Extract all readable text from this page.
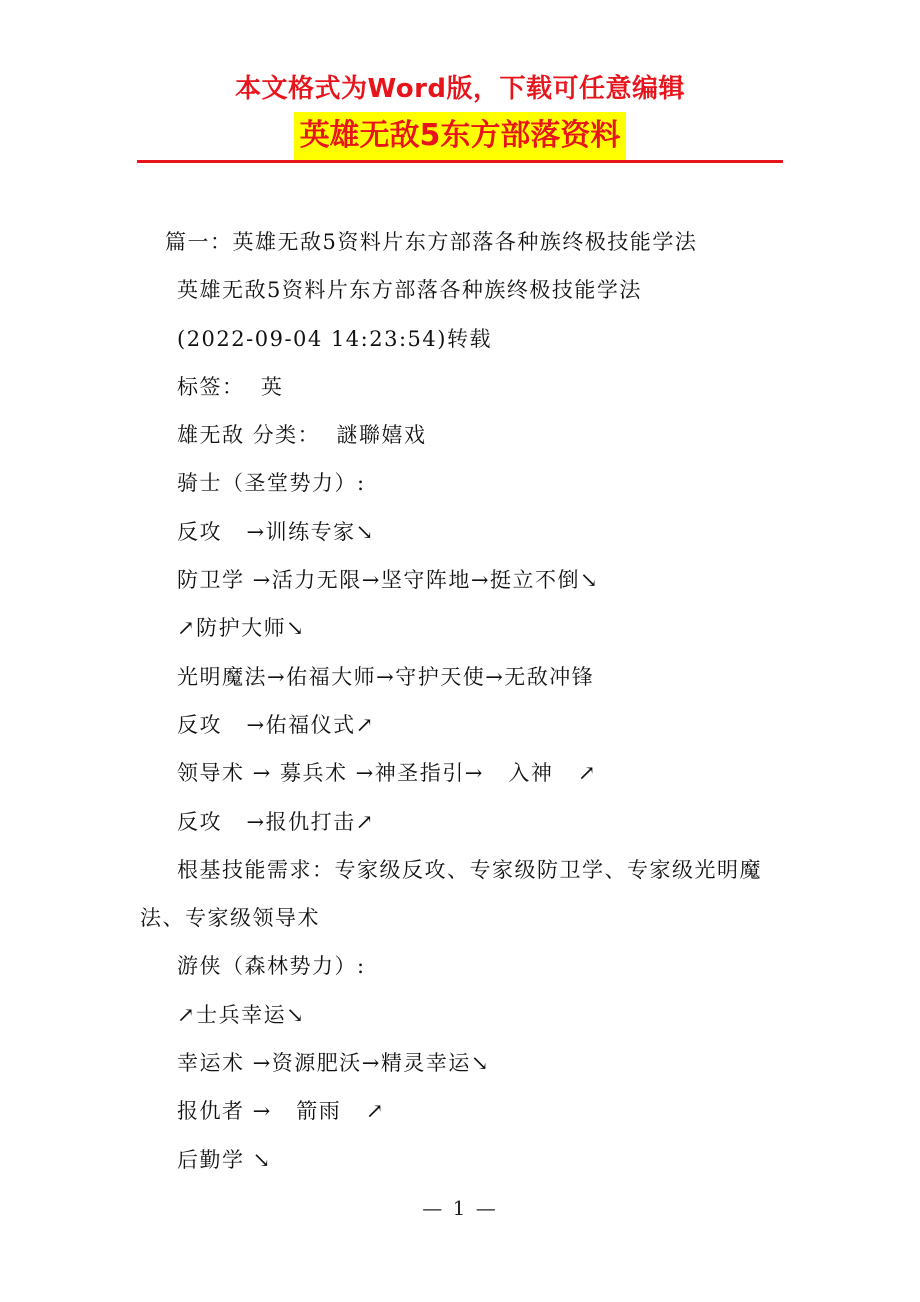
本文格式为Word版，下载可任意编辑
英雄无敌5东方部落资料
篇一：英雄无敌5资料片东方部落各种族终极技能学法
英雄无敌5资料片东方部落各种族终极技能学法
(2022-09-04 14:23:54)转载
标签：  英
雄无敌 分类：  謎聯嬉戏
骑士（圣堂势力）:
反攻   →训练专家↘
防卫学 →活力无限→坚守阵地→挺立不倒↘
↗防护大师↘
光明魔法→佑福大师→守护天使→无敌冲锋
反攻   →佑福仪式↗
领导术 → 募兵术 →神圣指引→   入神   ↗
反攻   →报仇打击↗
根基技能需求：专家级反攻、专家级防卫学、专家级光明魔法、专家级领导术
游侠（森林势力）:
↗士兵幸运↘
幸运术 →资源肥沃→精灵幸运↘
报仇者 →   箭雨   ↗
后勤学 ↘
— 1 —
